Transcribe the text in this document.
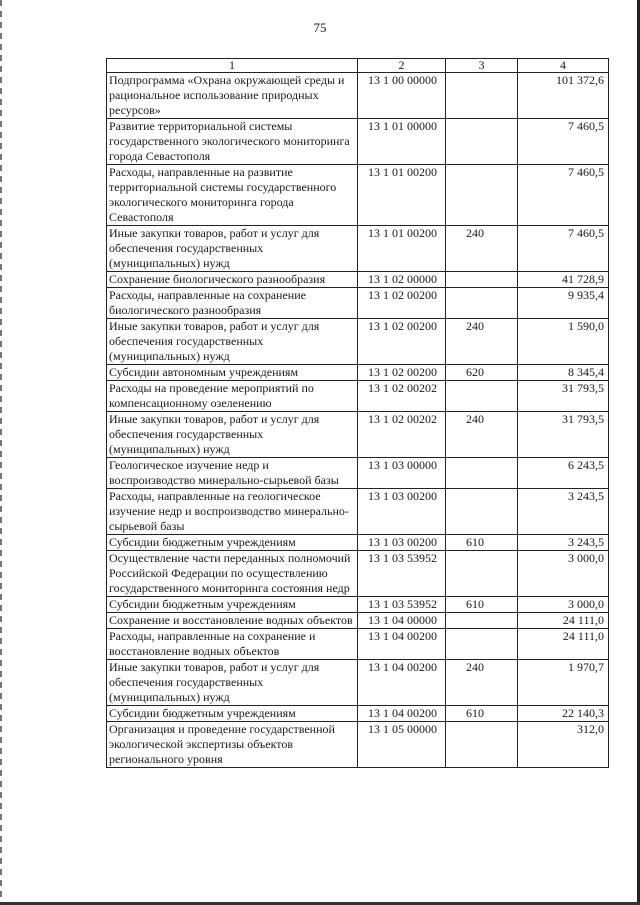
75
1	2	3	4
Подпрограмма «Охрана окружающей среды и рациональное использование природных ресурсов»	13 1 00 00000		101 372,6
Развитие территориальной системы государственного экологического мониторинга города Севастополя	13 1 01 00000		7 460,5
Расходы, направленные на развитие территориальной системы государственного экологического мониторинга города Севастополя	13 1 01 00200		7 460,5
Иные закупки товаров, работ и услуг для обеспечения государственных (муниципальных) нужд	13 1 01 00200	240	7 460,5
Сохранение биологического разнообразия	13 1 02 00000		41 728,9
Расходы, направленные на сохранение биологического разнообразия	13 1 02 00200		9 935,4
Иные закупки товаров, работ и услуг для обеспечения государственных (муниципальных) нужд	13 1 02 00200	240	1 590,0
Субсидии автономным учреждениям	13 1 02 00200	620	8 345,4
Расходы на проведение мероприятий по компенсационному озеленению	13 1 02 00202		31 793,5
Иные закупки товаров, работ и услуг для обеспечения государственных (муниципальных) нужд	13 1 02 00202	240	31 793,5
Геологическое изучение недр и воспроизводство минерально-сырьевой базы	13 1 03 00000		6 243,5
Расходы, направленные на геологическое изучение недр и воспроизводство минерально-сырьевой базы	13 1 03 00200		3 243,5
Субсидии бюджетным учреждениям	13 1 03 00200	610	3 243,5
Осуществление части переданных полномочий Российской Федерации по осуществлению государственного мониторинга состояния недр	13 1 03 53952		3 000,0
Субсидии бюджетным учреждениям	13 1 03 53952	610	3 000,0
Сохранение и восстановление водных объектов	13 1 04 00000		24 111,0
Расходы, направленные на сохранение и восстановление водных объектов	13 1 04 00200		24 111,0
Иные закупки товаров, работ и услуг для обеспечения государственных (муниципальных) нужд	13 1 04 00200	240	1 970,7
Субсидии бюджетным учреждениям	13 1 04 00200	610	22 140,3
Организация и проведение государственной экологической экспертизы объектов регионального уровня	13 1 05 00000		312,0
